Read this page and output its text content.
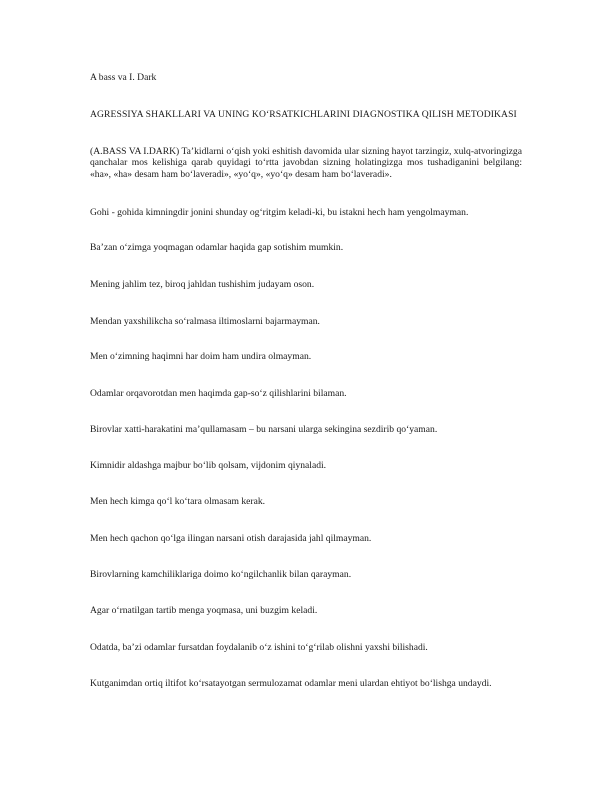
A bass va I. Dark
AGRESSIYA SHAKLLARI VA UNING KO‘RSATKICHLARINI DIAGNOSTIKA QILISH METODIKASI
(A.BASS VA I.DARK) Ta’kidlarni o‘qish yoki eshitish davomida ular sizning hayot tarzingiz, xulq-atvoringizga qanchalar mos kelishiga qarab quyidagi to‘rtta javobdan sizning holatingizga mos tushadiganini belgilang: «ha», «ha» desam ham bo‘laveradi», «yo‘q», «yo‘q» desam ham bo‘laveradi».
Gohi - gohida kimningdir jonini shunday og‘ritgim keladi-ki, bu istakni hech ham yengolmayman.
Ba’zan o‘zimga yoqmagan odamlar haqida gap sotishim mumkin.
Mening jahlim tez, biroq jahldan tushishim judayam oson.
Mendan yaxshilikcha so‘ralmasa iltimoslarni bajarmayman.
Men o‘zimning haqimni har doim ham undira olmayman.
Odamlar orqavorotdan men haqimda gap-so‘z qilishlarini bilaman.
Birovlar xatti-harakatini ma’qullamasam – bu narsani ularga sekingina sezdirib qo‘yaman.
Kimnidir aldashga majbur bo‘lib qolsam, vijdonim qiynaladi.
Men hech kimga qo‘l ko‘tara olmasam kerak.
Men hech qachon qo‘lga ilingan narsani otish darajasida jahl qilmayman.
Birovlarning kamchiliklariga doimo ko‘ngilchanlik bilan qarayman.
Agar o‘rnatilgan tartib menga yoqmasa, uni buzgim keladi.
Odatda, ba’zi odamlar fursatdan foydalanib o‘z ishini to‘g‘rilab olishni yaxshi bilishadi.
Kutganimdan ortiq iltifot ko‘rsatayotgan sermulozamat odamlar meni ulardan ehtiyot bo‘lishga undaydi.
